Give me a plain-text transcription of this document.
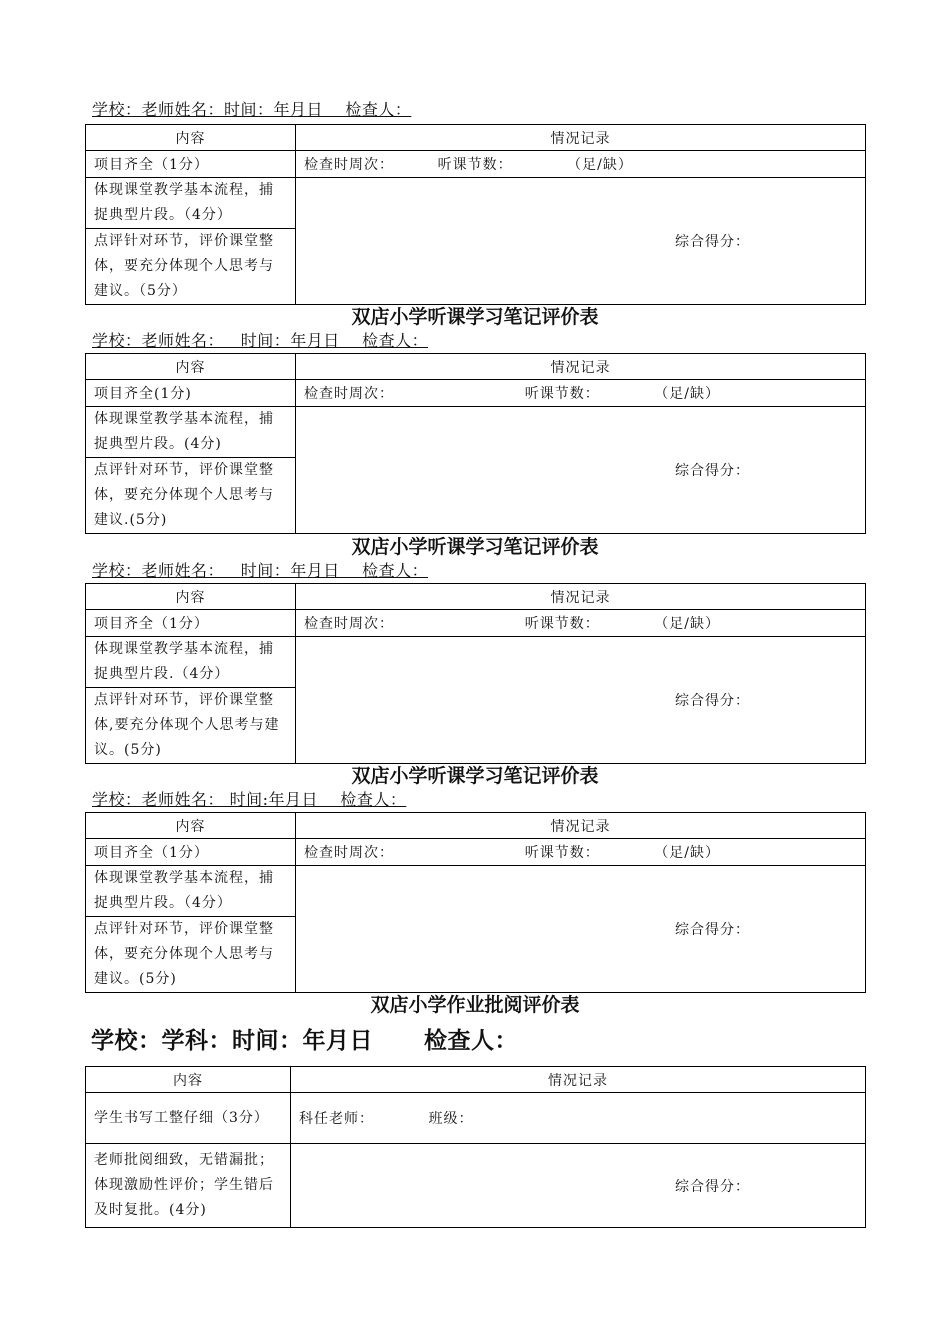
学校：老师姓名：时间：年月日    检查人：
内容	情况记录
项目齐全（1分）	检查时周次：        听课节数：          （足/缺）
体现课堂教学基本流程，捕捉典型片段。（4分）	综合得分：
点评针对环节，评价课堂整体，要充分体现个人思考与建议。（5分）	
双店小学听课学习笔记评价表
学校：老师姓名：   时间：年月日    检查人：
内容	情况记录
项目齐全(1分)	检查时周次：                        听课节数：          （足/缺）
体现课堂教学基本流程，捕捉典型片段。(4分)	综合得分：
点评针对环节，评价课堂整体，要充分体现个人思考与建议.(5分)	
双店小学听课学习笔记评价表
学校：老师姓名：   时间：年月日    检查人：
内容	情况记录
项目齐全（1分）	检查时周次：                        听课节数：          （足/缺）
体现课堂教学基本流程，捕捉典型片段.（4分）	综合得分：
点评针对环节，评价课堂整体,要充分体现个人思考与建议。(5分)	
双店小学听课学习笔记评价表
学校：老师姓名： 时间:年月日    检查人：
内容	情况记录
项目齐全（1分）	检查时周次：                        听课节数：          （足/缺）
体现课堂教学基本流程，捕捉典型片段。（4分）	综合得分：
点评针对环节，评价课堂整体，要充分体现个人思考与建议。(5分)	
双店小学作业批阅评价表
学校：学科：时间：年月日      检查人：
内容	情况记录
学生书写工整仔细（3分）	科任老师：          班级：
老师批阅细致，无错漏批；体现激励性评价；学生错后及时复批。(4分)	综合得分：
